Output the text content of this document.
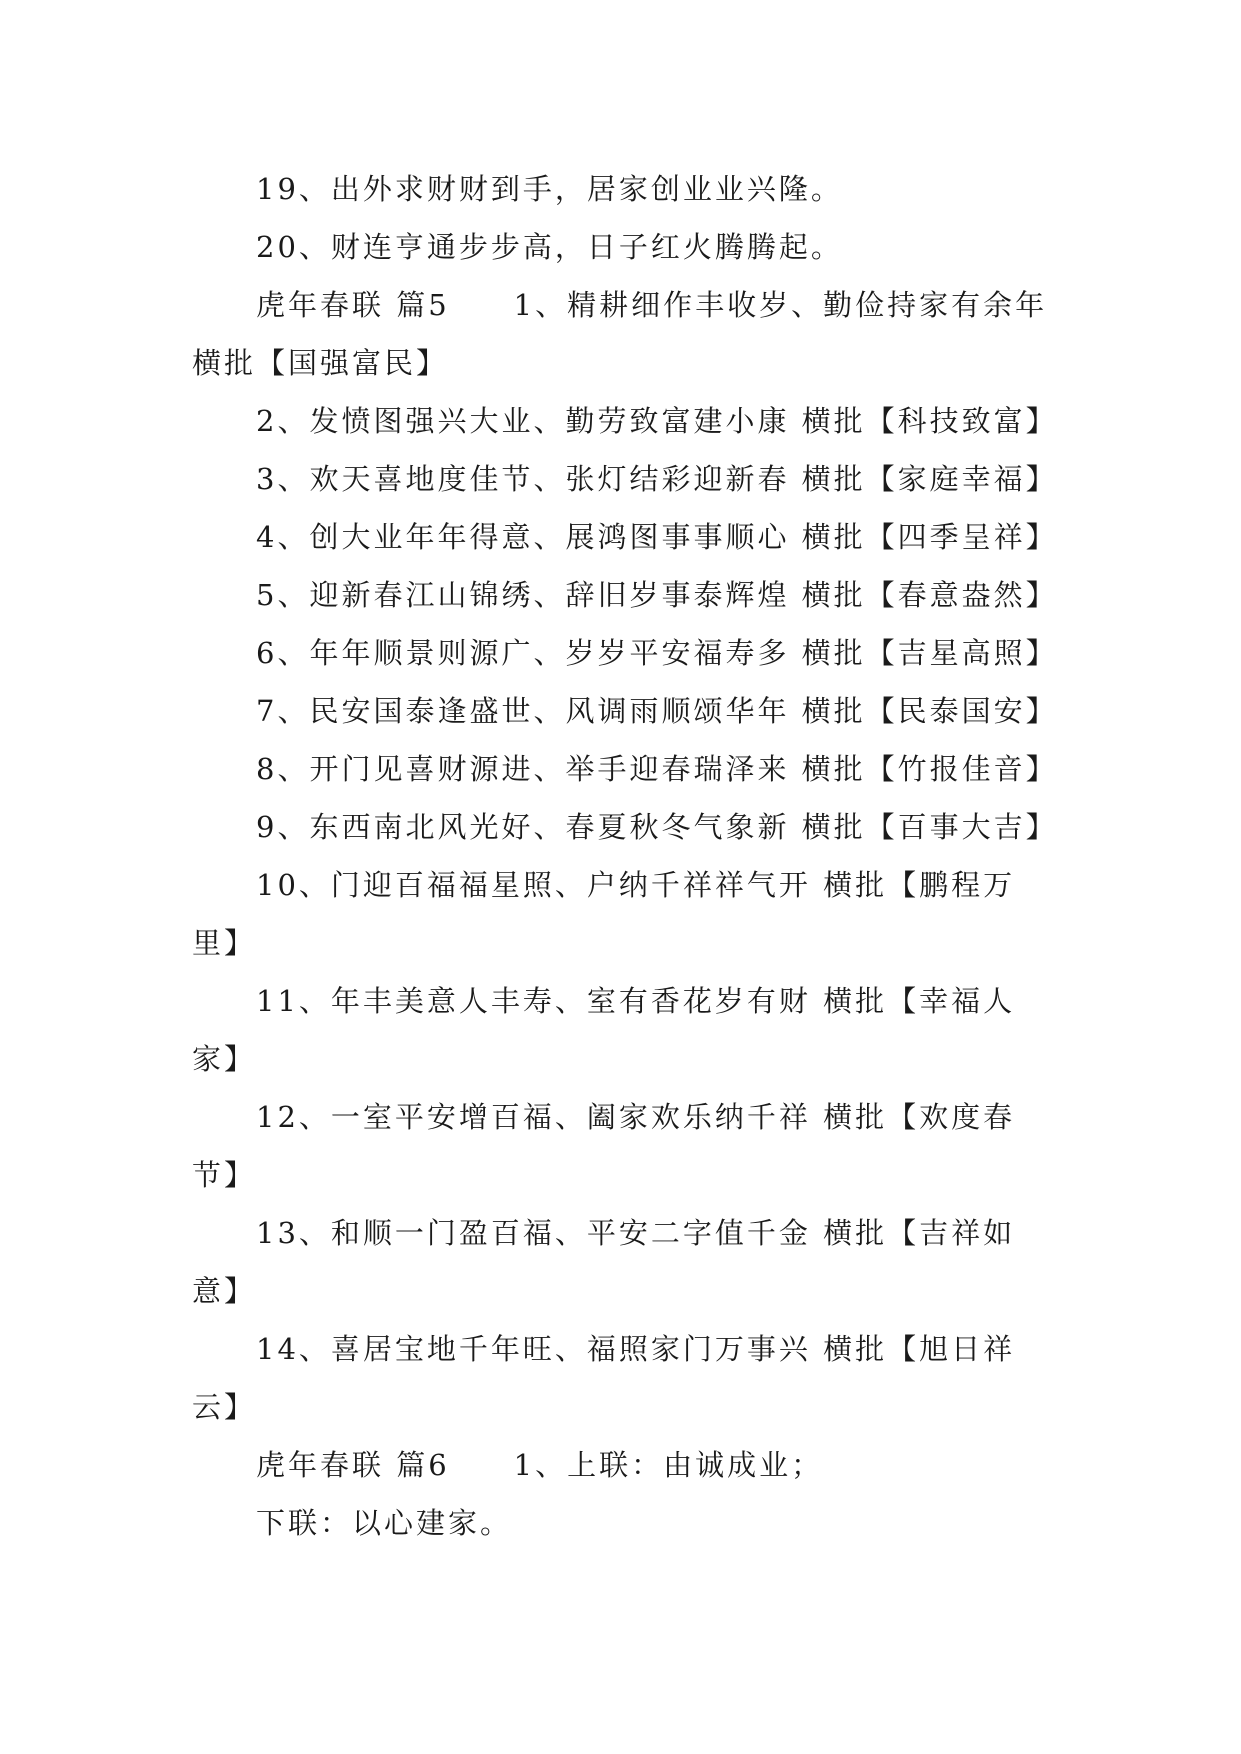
19、出外求财财到手，居家创业业兴隆。

20、财连亨通步步高，日子红火腾腾起。

虎年春联 篇5　　1、精耕细作丰收岁、勤俭持家有余年 横批【国强富民】

2、发愤图强兴大业、勤劳致富建小康 横批【科技致富】

3、欢天喜地度佳节、张灯结彩迎新春 横批【家庭幸福】

4、创大业年年得意、展鸿图事事顺心 横批【四季呈祥】

5、迎新春江山锦绣、辞旧岁事泰辉煌 横批【春意盎然】

6、年年顺景则源广、岁岁平安福寿多 横批【吉星高照】

7、民安国泰逢盛世、风调雨顺颂华年 横批【民泰国安】

8、开门见喜财源进、举手迎春瑞泽来 横批【竹报佳音】

9、东西南北风光好、春夏秋冬气象新 横批【百事大吉】

10、门迎百福福星照、户纳千祥祥气开 横批【鹏程万里】

11、年丰美意人丰寿、室有香花岁有财 横批【幸福人家】

12、一室平安增百福、阖家欢乐纳千祥 横批【欢度春节】

13、和顺一门盈百福、平安二字值千金 横批【吉祥如意】

14、喜居宝地千年旺、福照家门万事兴 横批【旭日祥云】

虎年春联 篇6　　1、上联：由诚成业；

下联：以心建家。
